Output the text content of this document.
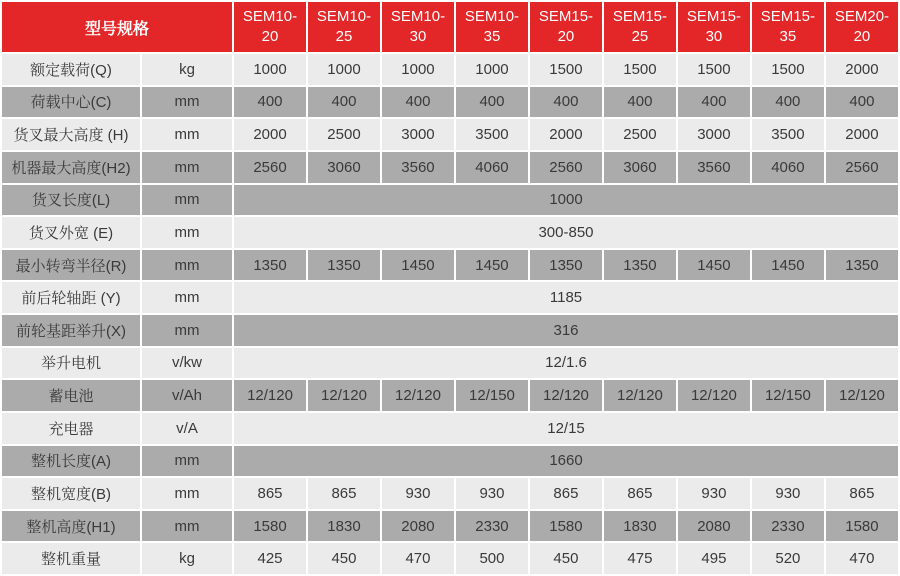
型号规格		SEM10-20	SEM10-25	SEM10-30	SEM10-35	SEM15-20	SEM15-25	SEM15-30	SEM15-35	SEM20-20
额定载荷(Q)	kg	1000	1000	1000	1000	1500	1500	1500	1500	2000
荷载中心(C)	mm	400	400	400	400	400	400	400	400	400
货叉最大高度 (H)	mm	2000	2500	3000	3500	2000	2500	3000	3500	2000
机器最大高度(H2)	mm	2560	3060	3560	4060	2560	3060	3560	4060	2560
货叉长度(L)	mm	1000								
货叉外宽 (E)	mm	300-850								
最小转弯半径(R)	mm	1350	1350	1450	1450	1350	1350	1450	1450	1350
前后轮轴距 (Y)	mm	1185								
前轮基距举升(X)	mm	316								
举升电机	v/kw	12/1.6								
蓄电池	v/Ah	12/120	12/120	12/120	12/150	12/120	12/120	12/120	12/150	12/120
充电器	v/A	12/15								
整机长度(A)	mm	1660								
整机宽度(B)	mm	865	865	930	930	865	865	930	930	865
整机高度(H1)	mm	1580	1830	2080	2330	1580	1830	2080	2330	1580
整机重量	kg	425	450	470	500	450	475	495	520	470
